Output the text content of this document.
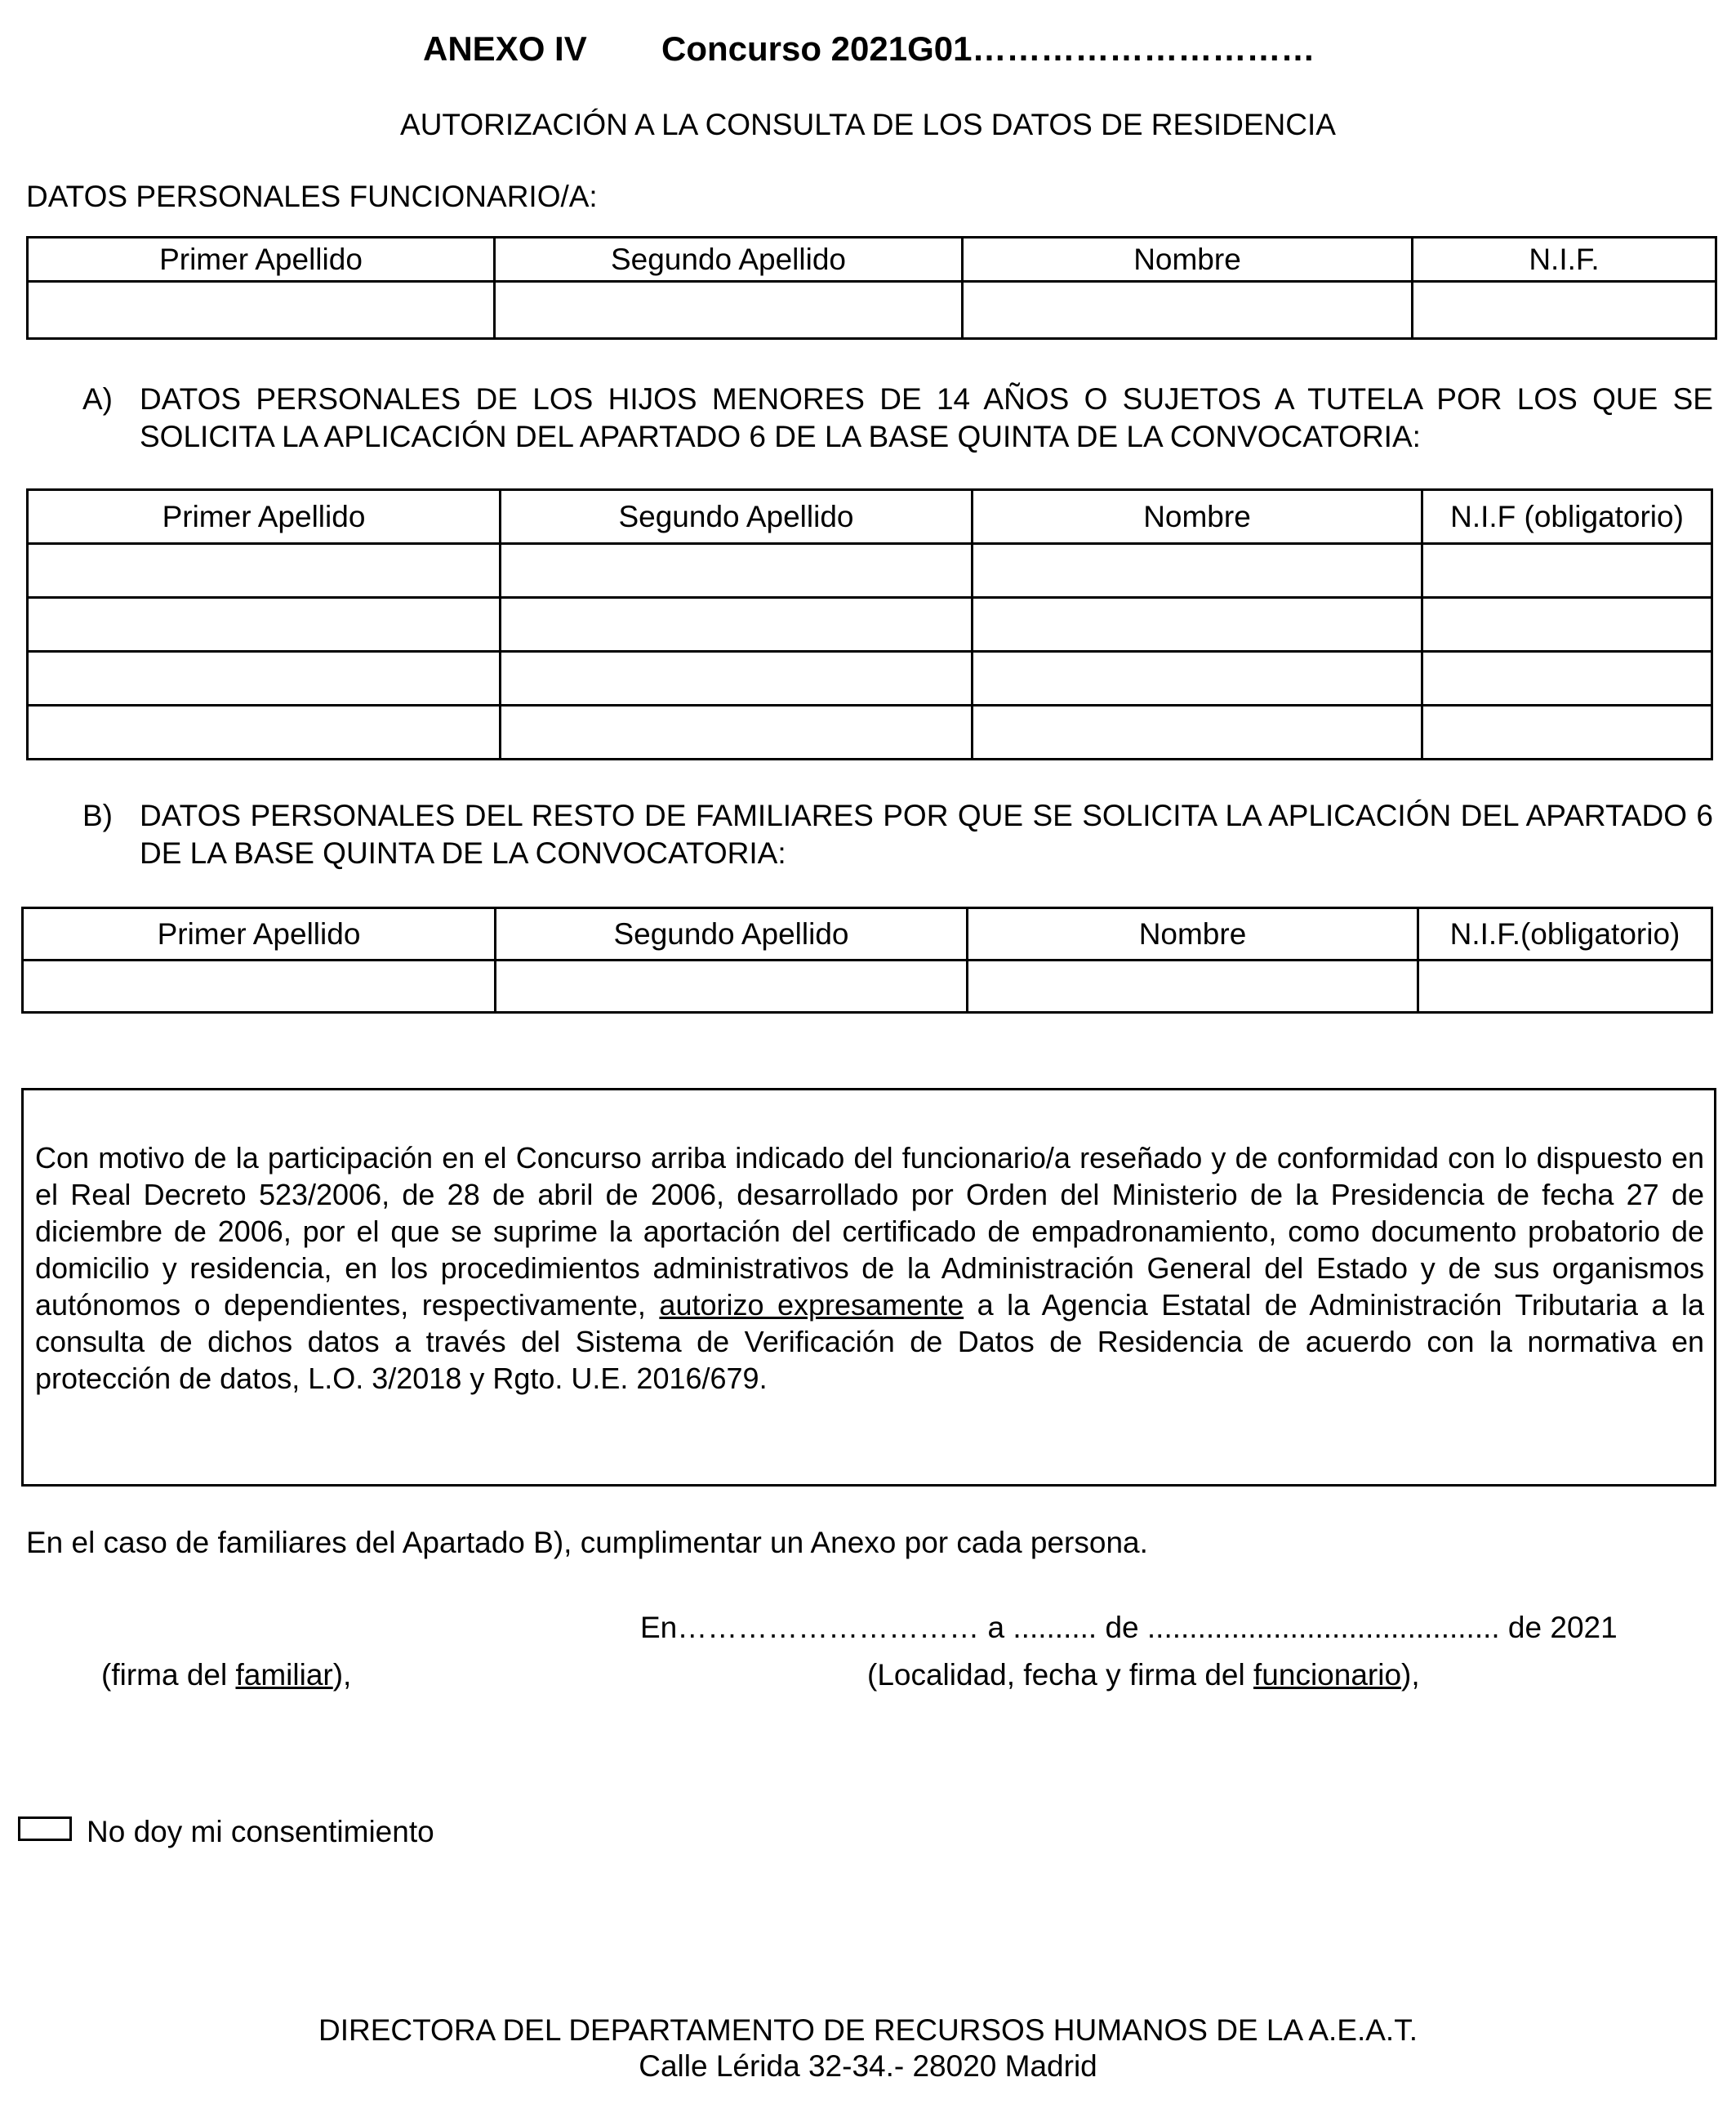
ANEXO IV Concurso 2021G01…………………………
AUTORIZACIÓN A LA CONSULTA DE LOS DATOS DE RESIDENCIA
DATOS PERSONALES FUNCIONARIO/A:
Primer Apellido	Segundo Apellido	Nombre	N.I.F.

A) DATOS PERSONALES DE LOS HIJOS MENORES DE 14 AÑOS O SUJETOS A TUTELA POR LOS QUE SE SOLICITA LA APLICACIÓN DEL APARTADO 6 DE LA BASE QUINTA DE LA CONVOCATORIA:
Primer Apellido	Segundo Apellido	Nombre	N.I.F (obligatorio)

B) DATOS PERSONALES DEL RESTO DE FAMILIARES POR QUE SE SOLICITA LA APLICACIÓN DEL APARTADO 6 DE LA BASE QUINTA DE LA CONVOCATORIA:
Primer Apellido	Segundo Apellido	Nombre	N.I.F.(obligatorio)

Con motivo de la participación en el Concurso arriba indicado del funcionario/a reseñado y de conformidad con lo dispuesto en el Real Decreto 523/2006, de 28 de abril de 2006, desarrollado por Orden del Ministerio de la Presidencia de fecha 27 de diciembre de 2006, por el que se suprime la aportación del certificado de empadronamiento, como documento probatorio de domicilio y residencia, en los procedimientos administrativos de la Administración General del Estado y de sus organismos autónomos o dependientes, respectivamente, autorizo expresamente a la Agencia Estatal de Administración Tributaria a la consulta de dichos datos a través del Sistema de Verificación de Datos de Residencia de acuerdo con la normativa en protección de datos, L.O. 3/2018 y Rgto. U.E. 2016/679.
En el caso de familiares del Apartado B), cumplimentar un Anexo por cada persona.
En………………………… a .......... de .......................................... de 2021
(firma del familiar),	(Localidad, fecha y firma del funcionario),
No doy mi consentimiento
DIRECTORA DEL DEPARTAMENTO DE RECURSOS HUMANOS DE LA A.E.A.T.
Calle Lérida 32-34.- 28020 Madrid
